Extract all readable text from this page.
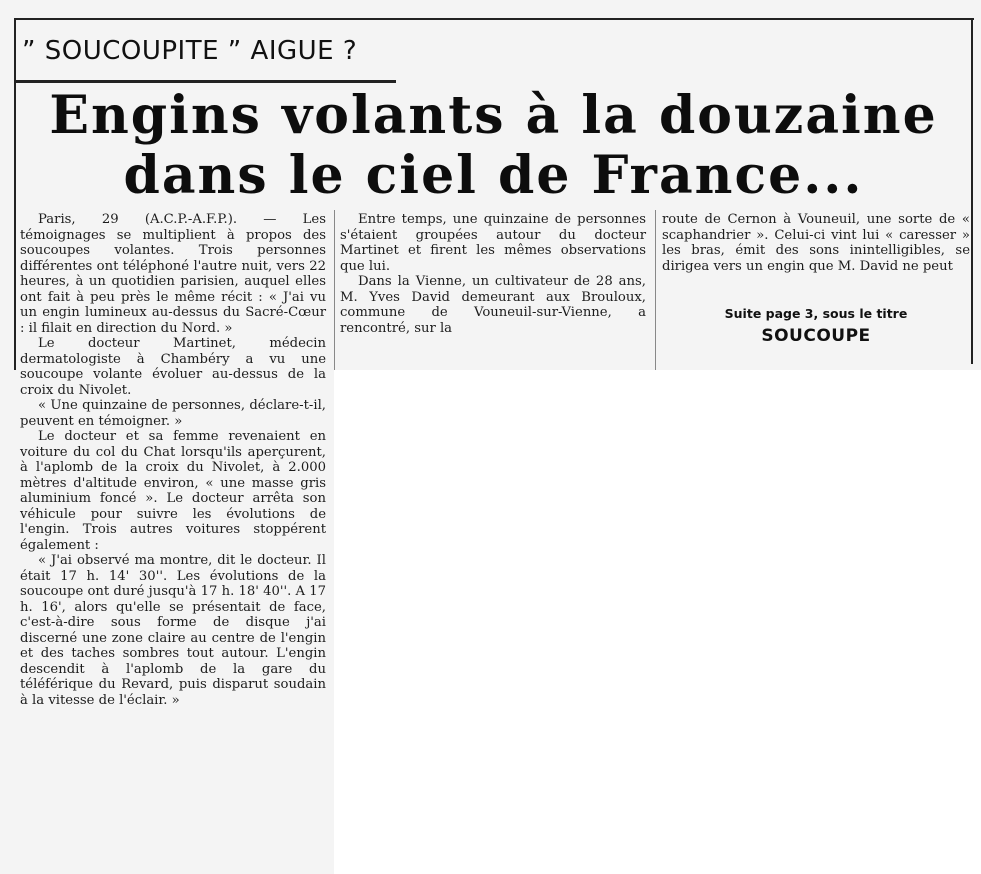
” SOUCOUPITE ” AIGUE ?
Engins volants à la douzaine
dans le ciel de France...

Paris, 29 (A.C.P.-A.F.P.). — Les témoignages se multiplient à propos des soucoupes volantes. Trois personnes différentes ont téléphoné l'autre nuit, vers 22 heures, à un quotidien parisien, auquel elles ont fait à peu près le même récit : « J'ai vu un engin lumineux au-dessus du Sacré-Cœur : il filait en direction du Nord. »

Le docteur Martinet, médecin dermatologiste à Chambéry a vu une soucoupe volante évoluer au-dessus de la croix du Nivolet.

« Une quinzaine de personnes, déclare-t-il, peuvent en témoigner. »

Le docteur et sa femme revenaient en voiture du col du Chat lorsqu'ils aperçurent, à l'aplomb de la croix du Nivolet, à 2.000 mètres d'altitude environ, « une masse gris aluminium foncé ». Le docteur arrêta son véhicule pour suivre les évolutions de l'engin. Trois autres voitures stoppérent également :

« J'ai observé ma montre, dit le docteur. Il était 17 h. 14' 30''. Les évolutions de la soucoupe ont duré jusqu'à 17 h. 18' 40''. A 17 h. 16', alors qu'elle se présentait de face, c'est-à-dire sous forme de disque j'ai discerné une zone claire au centre de l'engin et des taches sombres tout autour. L'engin descendit à l'aplomb de la gare du téléférique du Revard, puis disparut soudain à la vitesse de l'éclair. »

Entre temps, une quinzaine de personnes s'étaient groupées autour du docteur Martinet et firent les mêmes observations que lui.

Dans la Vienne, un cultivateur de 28 ans, M. Yves David demeurant aux Brouloux, commune de Vouneuil-sur-Vienne, a rencontré, sur la

route de Cernon à Vouneuil, une sorte de « scaphandrier ». Celui-ci vint lui « caresser » les bras, émit des sons inintelligibles, se dirigea vers un engin que M. David ne peut

Suite page 3, sous le titre
SOUCOUPE
